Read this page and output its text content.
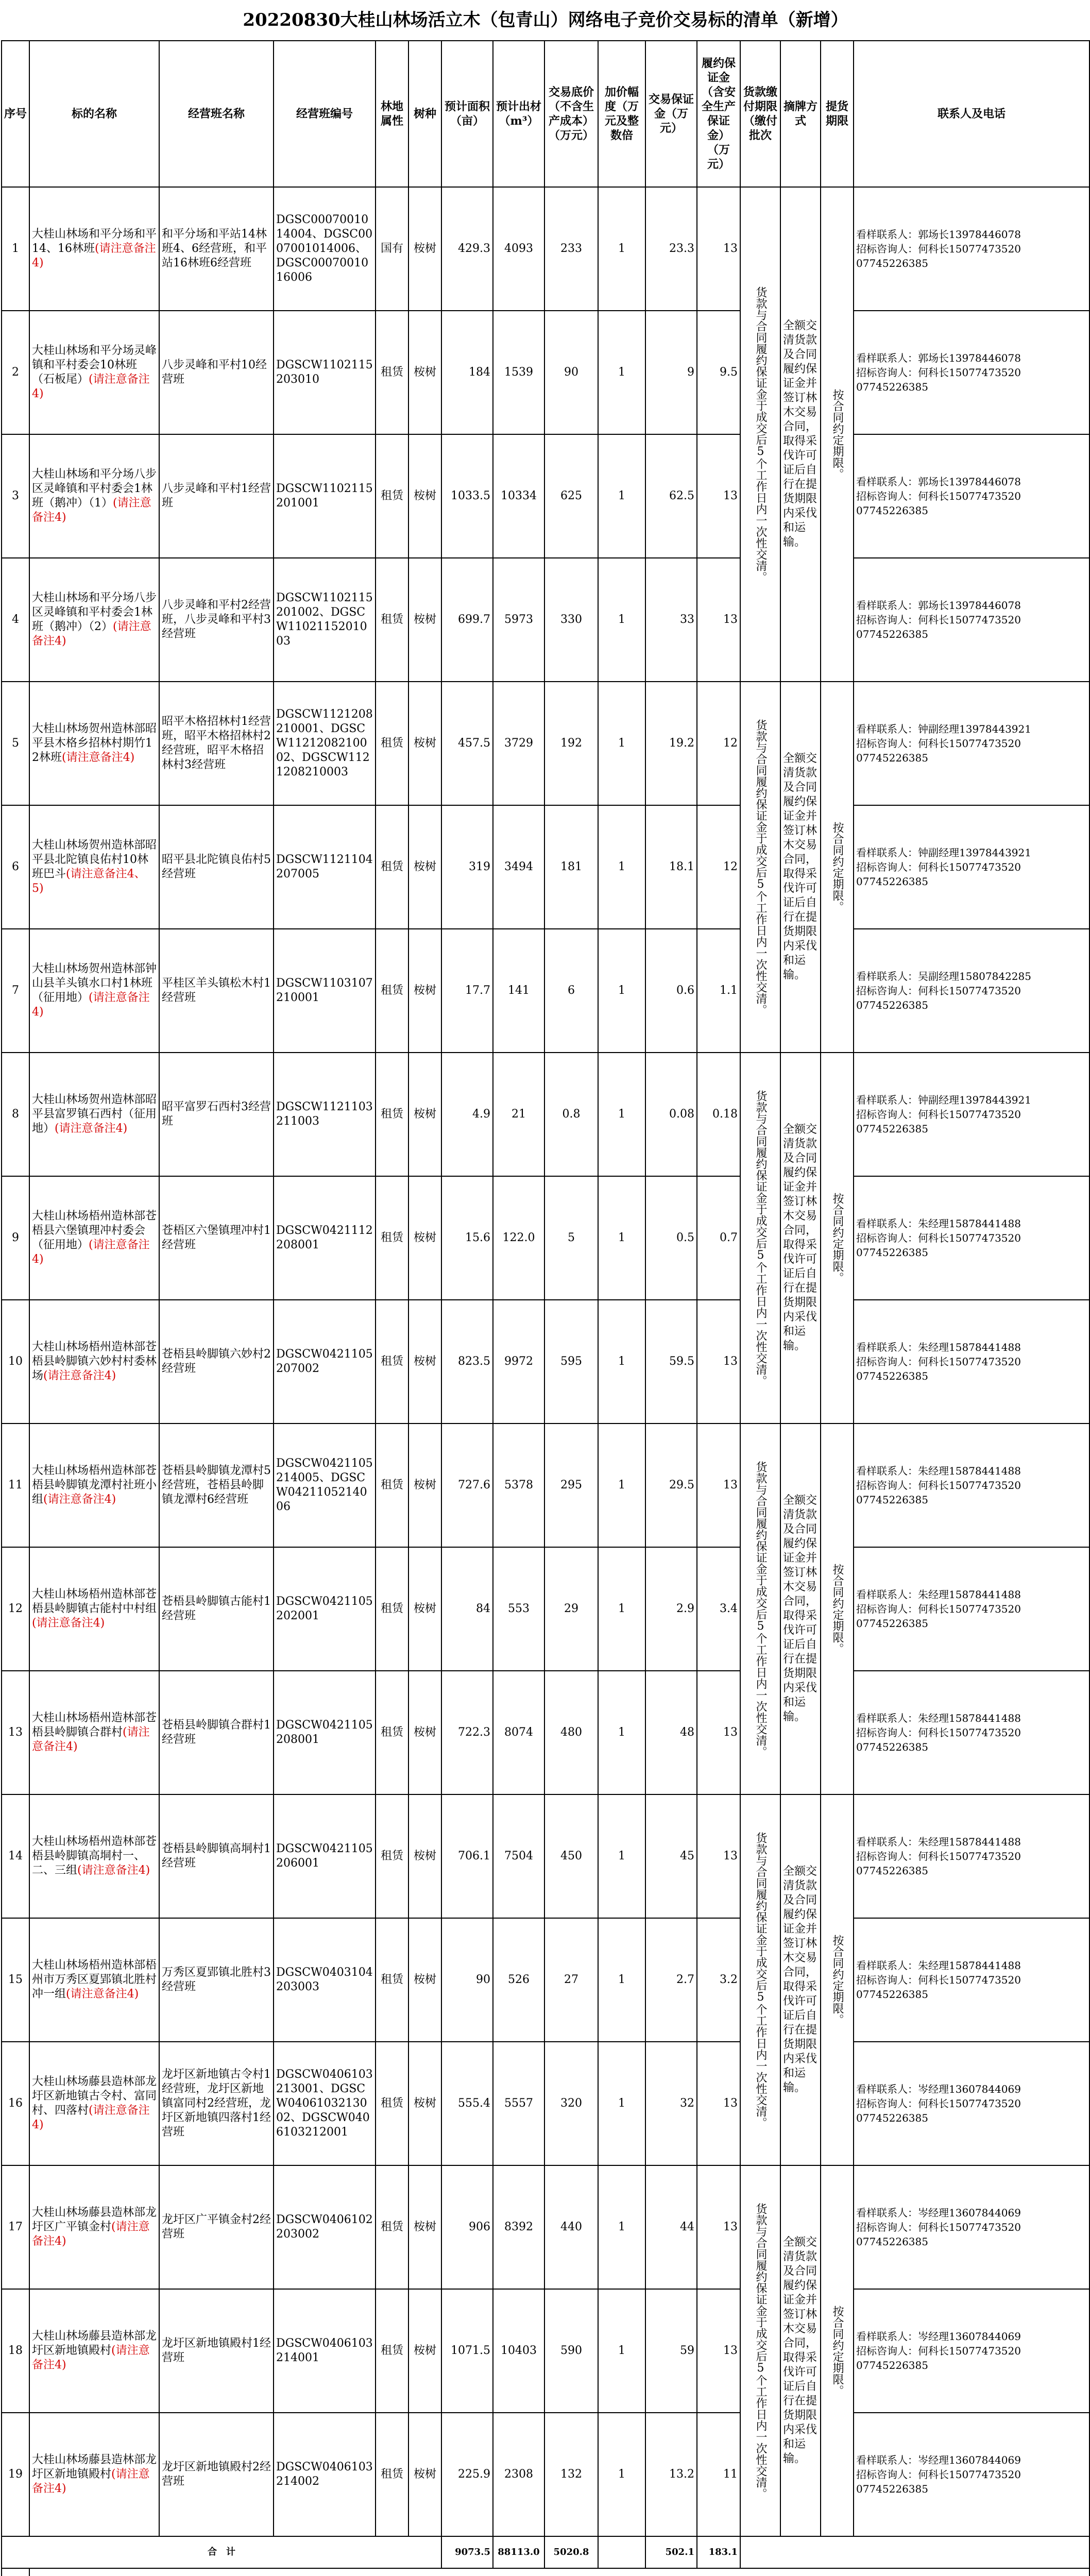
20220830大桂山林场活立木（包青山）网络电子竞价交易标的清单（新增）															
序号	标的名称	经营班名称	经营班编号	林地属性	树种	预计面积（亩）	预计出材（m³）	交易底价（不含生产成本）（万元）	加价幅度（万元及整数倍	交易保证金（万元）	履约保证金（含安全生产保证金）（万元）	货款缴付期限（缴付批次	摘牌方式	提货期限	联系人及电话
1	大桂山林场和平分场和平14、16林班(请注意备注4)	和平分场和平站14林班4、6经营班，和平站16林班6经营班	DGSC0007001014004、DGSC0007001014006、DGSC0007001016006	国有	桉树	429.3	4093	233	1	23.3	13	货款与合同履约保证金于成交后5个工作日内一次性交清。	全额交清货款及合同履约保证金并签订林木交易合同，取得采伐许可证后自行在提货期限内采伐和运输。	按合同约定期限。	看样联系人：郭场长13978446078
招标咨询人：何科长15077473520
07745226385
2	大桂山林场和平分场灵峰镇和平村委会10林班（石板尾）(请注意备注4)	八步灵峰和平村10经营班	DGSCW1102115203010	租赁	桉树	184	1539	90	1	9	9.5				看样联系人：郭场长13978446078
招标咨询人：何科长15077473520
07745226385
3	大桂山林场和平分场八步区灵峰镇和平村委会1林班（鹅冲）（1）(请注意备注4)	八步灵峰和平村1经营班	DGSCW1102115201001	租赁	桉树	1033.5	10334	625	1	62.5	13				看样联系人：郭场长13978446078
招标咨询人：何科长15077473520
07745226385
4	大桂山林场和平分场八步区灵峰镇和平村委会1林班（鹅冲）（2）(请注意备注4)	八步灵峰和平村2经营班，八步灵峰和平村3经营班	DGSCW1102115201002、DGSCW1102115201003	租赁	桉树	699.7	5973	330	1	33	13				看样联系人：郭场长13978446078
招标咨询人：何科长15077473520
07745226385
5	大桂山林场贺州造林部昭平县木格乡招林村期竹12林班(请注意备注4)	昭平木格招林村1经营班，昭平木格招林村2经营班，昭平木格招林村3经营班	DGSCW1121208210001、DGSCW1121208210002、DGSCW1121208210003	租赁	桉树	457.5	3729	192	1	19.2	12	货款与合同履约保证金于成交后5个工作日内一次性交清。	全额交清货款及合同履约保证金并签订林木交易合同，取得采伐许可证后自行在提货期限内采伐和运输。	按合同约定期限。	看样联系人：钟副经理13978443921
招标咨询人：何科长15077473520
07745226385
6	大桂山林场贺州造林部昭平县北陀镇良佑村10林班巴斗(请注意备注4、5)	昭平县北陀镇良佑村5经营班	DGSCW1121104207005	租赁	桉树	319	3494	181	1	18.1	12				看样联系人：钟副经理13978443921
招标咨询人：何科长15077473520
07745226385
7	大桂山林场贺州造林部钟山县羊头镇水口村1林班（征用地）(请注意备注4)	平桂区羊头镇松木村1经营班	DGSCW1103107210001	租赁	桉树	17.7	141	6	1	0.6	1.1				看样联系人：吴副经理15807842285
招标咨询人：何科长15077473520
07745226385
8	大桂山林场贺州造林部昭平县富罗镇石西村（征用地）(请注意备注4)	昭平富罗石西村3经营班	DGSCW1121103211003	租赁	桉树	4.9	21	0.8	1	0.08	0.18	货款与合同履约保证金于成交后5个工作日内一次性交清。	全额交清货款及合同履约保证金并签订林木交易合同，取得采伐许可证后自行在提货期限内采伐和运输。	按合同约定期限。	看样联系人：钟副经理13978443921
招标咨询人：何科长15077473520
07745226385
9	大桂山林场梧州造林部苍梧县六堡镇理冲村委会（征用地）(请注意备注4)	苍梧区六堡镇理冲村1经营班	DGSCW0421112208001	租赁	桉树	15.6	122.0	5	1	0.5	0.7				看样联系人：朱经理15878441488
招标咨询人：何科长15077473520
07745226385
10	大桂山林场梧州造林部苍梧县岭脚镇六妙村村委林场(请注意备注4)	苍梧县岭脚镇六妙村2经营班	DGSCW0421105207002	租赁	桉树	823.5	9972	595	1	59.5	13				看样联系人：朱经理15878441488
招标咨询人：何科长15077473520
07745226385
11	大桂山林场梧州造林部苍梧县岭脚镇龙潭村社班小组(请注意备注4)	苍梧县岭脚镇龙潭村5经营班，苍梧县岭脚镇龙潭村6经营班	DGSCW0421105214005、DGSCW0421105214006	租赁	桉树	727.6	5378	295	1	29.5	13	货款与合同履约保证金于成交后5个工作日内一次性交清。	全额交清货款及合同履约保证金并签订林木交易合同，取得采伐许可证后自行在提货期限内采伐和运输。	按合同约定期限。	看样联系人：朱经理15878441488
招标咨询人：何科长15077473520
07745226385
12	大桂山林场梧州造林部苍梧县岭脚镇古能村中村组(请注意备注4)	苍梧县岭脚镇古能村1经营班	DGSCW0421105202001	租赁	桉树	84	553	29	1	2.9	3.4				看样联系人：朱经理15878441488
招标咨询人：何科长15077473520
07745226385
13	大桂山林场梧州造林部苍梧县岭脚镇合群村(请注意备注4)	苍梧县岭脚镇合群村1经营班	DGSCW0421105208001	租赁	桉树	722.3	8074	480	1	48	13				看样联系人：朱经理15878441488
招标咨询人：何科长15077473520
07745226385
14	大桂山林场梧州造林部苍梧县岭脚镇高垌村一、二、三组(请注意备注4)	苍梧县岭脚镇高垌村1经营班	DGSCW0421105206001	租赁	桉树	706.1	7504	450	1	45	13	货款与合同履约保证金于成交后5个工作日内一次性交清。	全额交清货款及合同履约保证金并签订林木交易合同，取得采伐许可证后自行在提货期限内采伐和运输。	按合同约定期限。	看样联系人：朱经理15878441488
招标咨询人：何科长15077473520
07745226385
15	大桂山林场梧州造林部梧州市万秀区夏郢镇北胜村冲一组(请注意备注4)	万秀区夏郢镇北胜村3经营班	DGSCW0403104203003	租赁	桉树	90	526	27	1	2.7	3.2				看样联系人：朱经理15878441488
招标咨询人：何科长15077473520
07745226385
16	大桂山林场藤县造林部龙圩区新地镇古令村、富同村、四落村(请注意备注4)	龙圩区新地镇古令村1经营班，龙圩区新地镇富同村2经营班，龙圩区新地镇四落村1经营班	DGSCW0406103213001、DGSCW0406103213002、DGSCW0406103212001	租赁	桉树	555.4	5557	320	1	32	13				看样联系人：岑经理13607844069
招标咨询人：何科长15077473520
07745226385
17	大桂山林场藤县造林部龙圩区广平镇金村(请注意备注4)	龙圩区广平镇金村2经营班	DGSCW0406102203002	租赁	桉树	906	8392	440	1	44	13	货款与合同履约保证金于成交后5个工作日内一次性交清。	全额交清货款及合同履约保证金并签订林木交易合同，取得采伐许可证后自行在提货期限内采伐和运输。	按合同约定期限。	看样联系人：岑经理13607844069
招标咨询人：何科长15077473520
07745226385
18	大桂山林场藤县造林部龙圩区新地镇殿村(请注意备注4)	龙圩区新地镇殿村1经营班	DGSCW0406103214001	租赁	桉树	1071.5	10403	590	1	59	13				看样联系人：岑经理13607844069
招标咨询人：何科长15077473520
07745226385
19	大桂山林场藤县造林部龙圩区新地镇殿村(请注意备注4)	龙圩区新地镇殿村2经营班	DGSCW0406103214002	租赁	桉树	225.9	2308	132	1	13.2	11				看样联系人：岑经理13607844069
招标咨询人：何科长15077473520
07745226385
合　计						9073.5	88113.0	5020.8		502.1	183.1				
